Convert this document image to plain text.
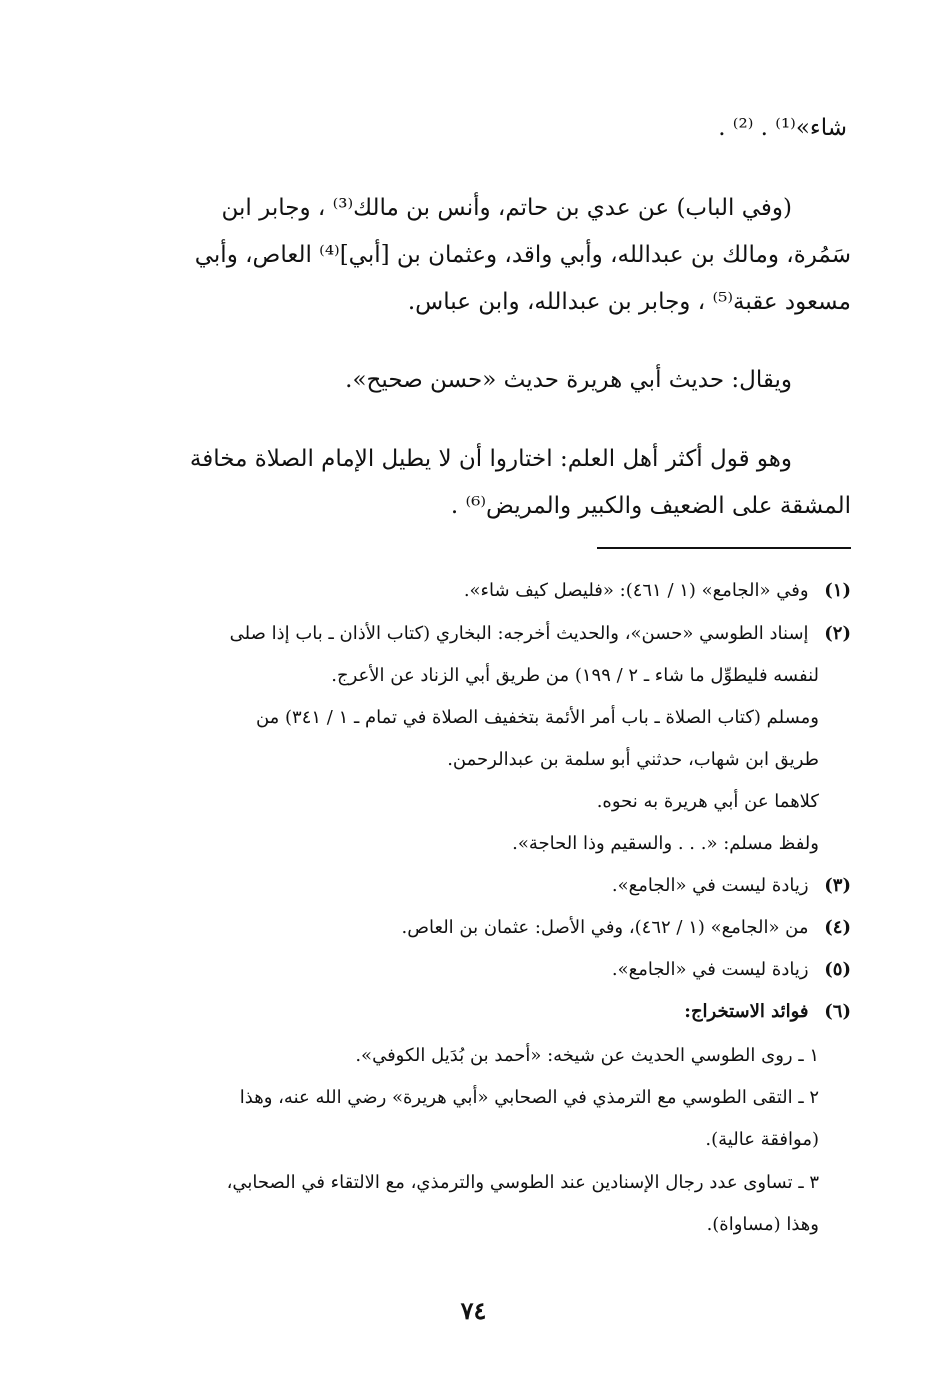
شاء»⁽¹⁾ . ⁽²⁾ .
(وفي الباب) عن عدي بن حاتم، وأنس بن مالك⁽³⁾ ، وجابر ابن
سَمُرة، ومالك بن عبدالله، وأبي واقد، وعثمان بن [أبي]⁽⁴⁾ العاص، وأبي
مسعود عقبة⁽⁵⁾ ، وجابر بن عبدالله، وابن عباس.
ويقال: حديث أبي هريرة حديث «حسن صحيح».
وهو قول أكثر أهل العلم: اختاروا أن لا يطيل الإمام الصلاة مخافة
المشقة على الضعيف والكبير والمريض⁽⁶⁾ .
(١) وفي «الجامع» (١ / ٤٦١): «فليصل كيف شاء».
(٢) إسناد الطوسي «حسن»، والحديث أخرجه: البخاري (كتاب الأذان ـ باب إذا صلى
لنفسه فليطوِّل ما شاء ـ ٢ / ١٩٩) من طريق أبي الزناد عن الأعرج.
ومسلم (كتاب الصلاة ـ باب أمر الأئمة بتخفيف الصلاة في تمام ـ ١ / ٣٤١) من
طريق ابن شهاب، حدثني أبو سلمة بن عبدالرحمن.
كلاهما عن أبي هريرة به نحوه.
ولفظ مسلم: «. . . والسقيم وذا الحاجة».
(٣) زيادة ليست في «الجامع».
(٤) من «الجامع» (١ / ٤٦٢)، وفي الأصل: عثمان بن العاص.
(٥) زيادة ليست في «الجامع».
(٦) فوائد الاستخراج:
١ ـ روى الطوسي الحديث عن شيخه: «أحمد بن بُدَيل الكوفي».
٢ ـ التقى الطوسي مع الترمذي في الصحابي «أبي هريرة» رضي الله عنه، وهذا
(موافقة عالية).
٣ ـ تساوى عدد رجال الإسنادين عند الطوسي والترمذي، مع الالتقاء في الصحابي،
وهذا (مساواة).
٧٤
